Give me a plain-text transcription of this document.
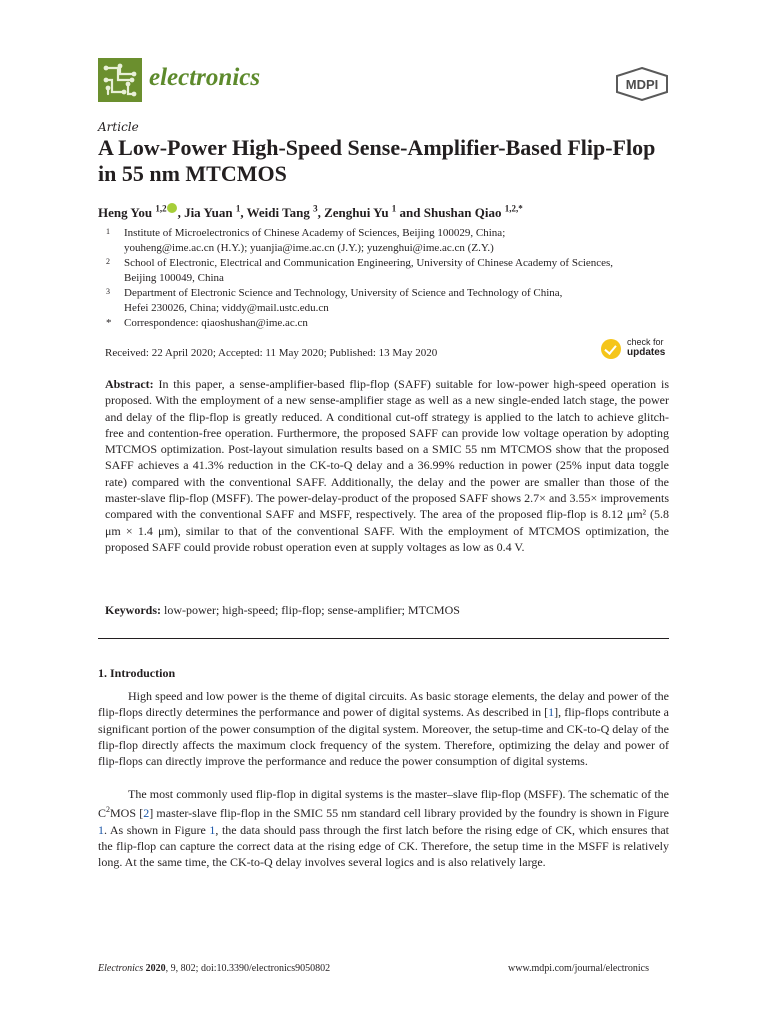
electronics	MDPI
Article
A Low-Power High-Speed Sense-Amplifier-Based Flip-Flop in 55 nm MTCMOS
Heng You $^{1,2}$ , Jia Yuan $^1$, Weidi Tang $^3$, Zenghui Yu $^1$ and Shushan Qiao $^{1,2,*}$
1 Institute of Microelectronics of Chinese Academy of Sciences, Beijing 100029, China;
youheng@ime.ac.cn (H.Y.); yuanjia@ime.ac.cn (J.Y.); yuzenghui@ime.ac.cn (Z.Y.)
2 School of Electronic, Electrical and Communication Engineering, University of Chinese Academy of Sciences,
Beijing 100049, China
3 Department of Electronic Science and Technology, University of Science and Technology of China,
Hefei 230026, China; viddy@mail.ustc.edu.cn
* Correspondence: qiaoshushan@ime.ac.cn
Received: 22 April 2020; Accepted: 11 May 2020; Published: 13 May 2020
check for
updates
Abstract: In this paper, a sense-amplifier-based flip-flop (SAFF) suitable for low-power high-speed operation is proposed. With the employment of a new sense-amplifier stage as well as a new single-ended latch stage, the power and delay of the flip-flop is greatly reduced. A conditional cut-off strategy is applied to the latch to achieve glitch-free and contention-free operation. Furthermore, the proposed SAFF can provide low voltage operation by adopting MTCMOS optimization. Post-layout simulation results based on a SMIC 55 nm MTCMOS show that the proposed SAFF achieves a 41.3% reduction in the CK-to-Q delay and a 36.99% reduction in power (25% input data toggle rate) compared with the conventional SAFF. Additionally, the delay and the power are smaller than those of the master-slave flip-flop (MSFF). The power-delay-product of the proposed SAFF shows 2.7× and 3.55× improvements compared with the conventional SAFF and MSFF, respectively. The area of the proposed flip-flop is 8.12 μm² (5.8 μm × 1.4 μm), similar to that of the conventional SAFF. With the employment of MTCMOS optimization, the proposed SAFF could provide robust operation even at supply voltages as low as 0.4 V.
Keywords: low-power; high-speed; flip-flop; sense-amplifier; MTCMOS
1. Introduction

High speed and low power is the theme of digital circuits. As basic storage elements, the delay and power of the flip-flops directly determines the performance and power of digital systems. As described in [1], flip-flops contribute a significant portion of the power consumption of the digital system. Moreover, the setup-time and CK-to-Q delay of the flip-flop directly affects the maximum clock frequency of the system. Therefore, optimizing the delay and power of flip-flops can directly improve the performance and reduce the power consumption of digital systems.

The most commonly used flip-flop in digital systems is the master–slave flip-flop (MSFF). The schematic of the $C^2MOS$ [2] master-slave flip-flop in the SMIC 55 nm standard cell library provided by the foundry is shown in Figure 1. As shown in Figure 1, the data should pass through the first latch before the rising edge of CK, which ensures that the flip-flop can capture the correct data at the rising edge of CK. Therefore, the setup time in the MSFF is relatively long. At the same time, the CK-to-Q delay involves several logics and is also relatively large.

Electronics 2020, 9, 802; doi:10.3390/electronics9050802	www.mdpi.com/journal/electronics
